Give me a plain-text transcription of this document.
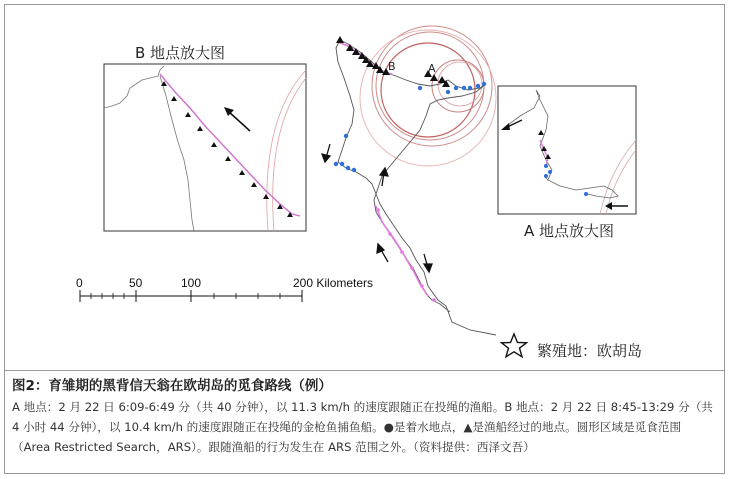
B	A
0	50	100	200 Kilometers
B 地点放大图
A 地点放大图
繁殖地：欧胡岛
图2：育雏期的黑背信天翁在欧胡岛的觅食路线（例）
A 地点：2 月 22 日 6:09-6:49 分（共 40 分钟），以 11.3 km/h 的速度跟随正在投绳的渔船。B 地点：2 月 22 日 8:45-13:29 分（共 4 小时 44 分钟），以 10.4 km/h 的速度跟随正在投绳的金枪鱼捕鱼船。●是着水地点，▲是渔船经过的地点。圆形区域是觅食范围（Area Restricted Search，ARS）。跟随渔船的行为发生在 ARS 范围之外。（资料提供：西泽文吾）
